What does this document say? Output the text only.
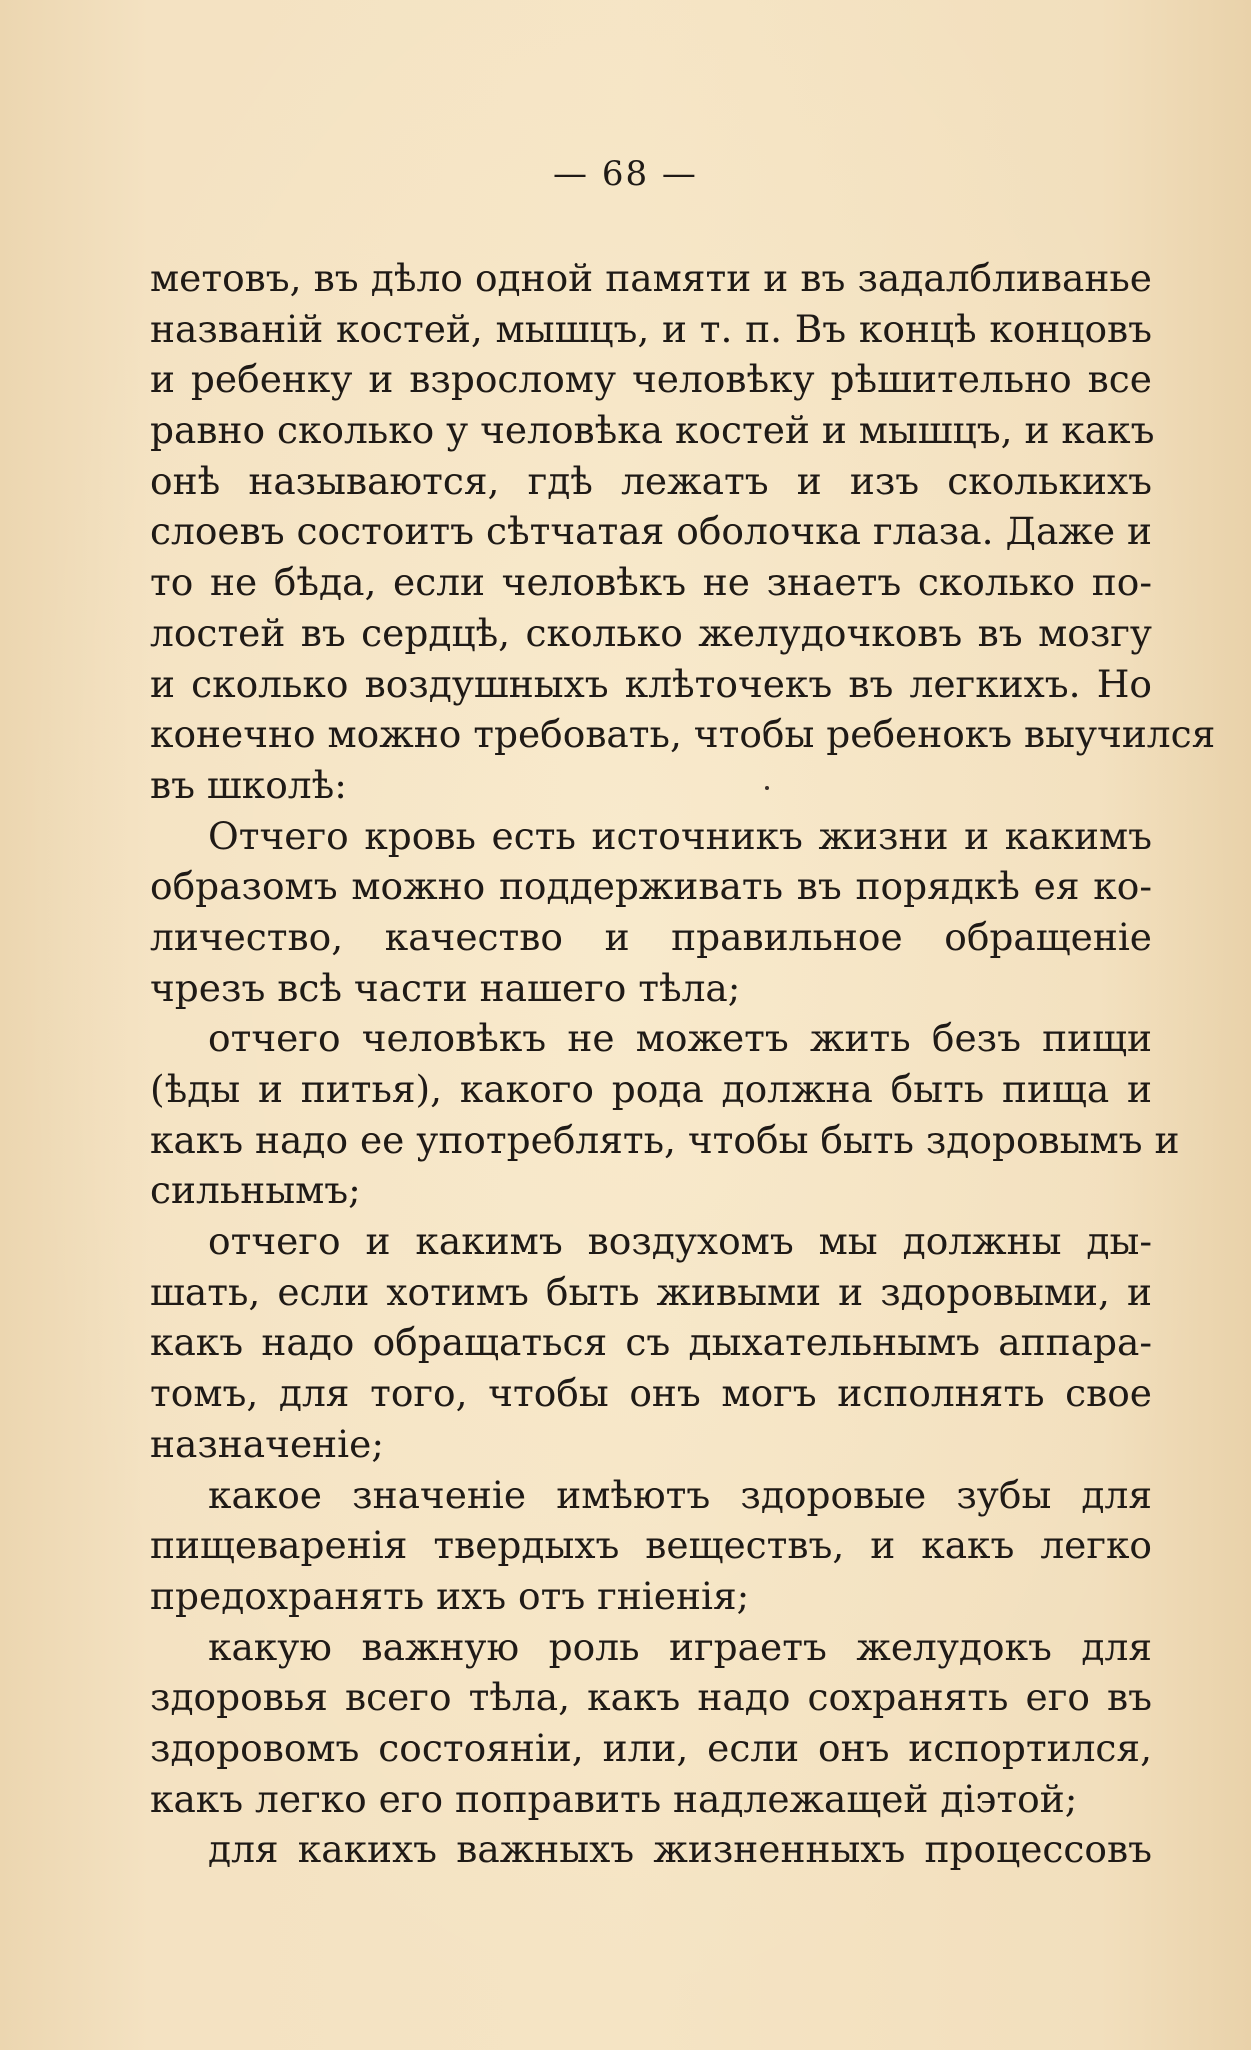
— 68 —
метовъ, въ дѣло одной памяти и въ задалбливанье
названій костей, мышцъ, и т. п. Въ концѣ концовъ
и ребенку и взрослому человѣку рѣшительно все
равно сколько у человѣка костей и мышцъ, и какъ
онѣ называются, гдѣ лежатъ и изъ сколькихъ
слоевъ состоитъ сѣтчатая оболочка глаза. Даже и
то не бѣда, если человѣкъ не знаетъ сколько по-
лостей въ сердцѣ, сколько желудочковъ въ мозгу
и сколько воздушныхъ клѣточекъ въ легкихъ. Но
конечно можно требовать, чтобы ребенокъ выучился
въ школѣ:
Отчего кровь есть источникъ жизни и какимъ
образомъ можно поддерживать въ порядкѣ ея ко-
личество, качество и правильное обращеніе
чрезъ всѣ части нашего тѣла;
отчего человѣкъ не можетъ жить безъ пищи
(ѣды и питья), какого рода должна быть пища и
какъ надо ее употреблять, чтобы быть здоровымъ и
сильнымъ;
отчего и какимъ воздухомъ мы должны ды-
шать, если хотимъ быть живыми и здоровыми, и
какъ надо обращаться съ дыхательнымъ аппара-
томъ, для того, чтобы онъ могъ исполнять свое
назначеніе;
какое значеніе имѣютъ здоровые зубы для
пищеваренія твердыхъ веществъ, и какъ легко
предохранять ихъ отъ гніенія;
какую важную роль играетъ желудокъ для
здоровья всего тѣла, какъ надо сохранять его въ
здоровомъ состояніи, или, если онъ испортился,
какъ легко его поправить надлежащей діэтой;
для какихъ важныхъ жизненныхъ процессовъ
